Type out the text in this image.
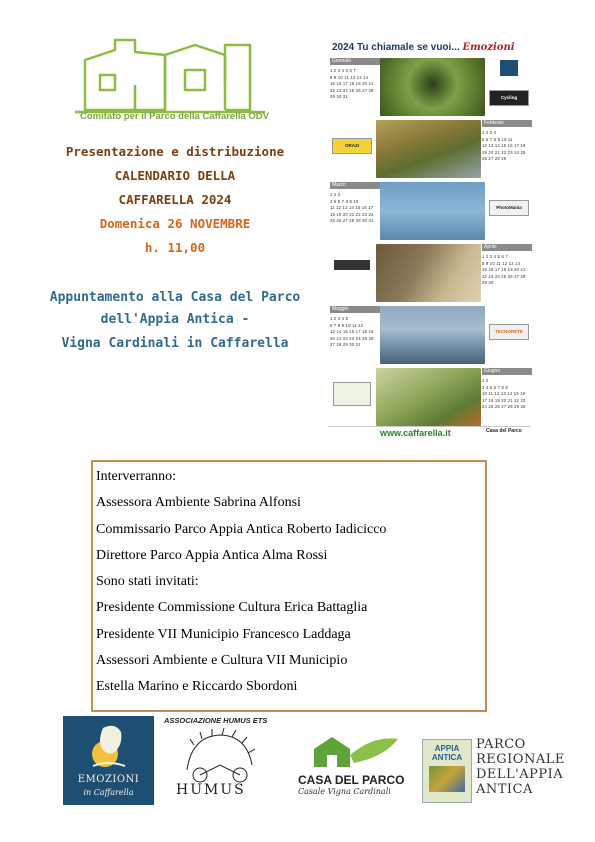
Comitato per il Parco della Caffarella ODV
Presentazione e distribuzione
CALENDARIO DELLA
CAFFARELLA 2024
Domenica 26 NOVEMBRE
h. 11,00
Appuntamento alla Casa del Parco
dell'Appia Antica -
Vigna Cardinali in Caffarella
2024 Tu chiamale se vuoi... Emozioni
Gennaio
1 2 3 4 5 6 7
8 9 10 11 12 13 14
15 16 17 18 19 20 21
22 23 24 25 26 27 28
29 30 31	Cycling
ORAZI
Febbraio
1 2 3 4
5 6 7 8 9 10 11
12 13 14 15 16 17 18
19 20 21 22 23 24 25
26 27 28 29
Marzo
1 2 3
4 5 6 7 8 9 10
11 12 13 14 15 16 17
18 19 20 21 22 23 24
25 26 27 28 29 30 31
PhotoMania
Aprile
1 2 3 4 5 6 7
8 9 10 11 12 13 14
15 16 17 18 19 20 21
22 23 24 25 26 27 28
29 30
Maggio
1 2 3 4 5
6 7 8 9 10 11 12
13 14 15 16 17 18 19
20 21 22 23 24 25 26
27 28 29 30 31
TECNORETE
Giugno
1 2
3 4 5 6 7 8 9
10 11 12 13 14 15 16
17 18 19 20 21 22 23
24 25 26 27 28 29 30
www.caffarella.it	Casa del Parco
Interverranno:
Assessora Ambiente Sabrina Alfonsi
Commissario Parco Appia Antica Roberto Iadicicco
Direttore Parco Appia Antica Alma Rossi
Sono stati invitati:
Presidente Commissione Cultura Erica Battaglia
Presidente VII Municipio Francesco Laddaga
Assessori Ambiente e Cultura VII Municipio
Estella Marino e Riccardo Sbordoni
EMOZIONI
in Caffarella
ASSOCIAZIONE HUMUS ETS
HUMUS
CASA DEL PARCO
Casale Vigna Cardinali
APPIA
ANTICA
PARCO
REGIONALE
DELL'APPIA
ANTICA
